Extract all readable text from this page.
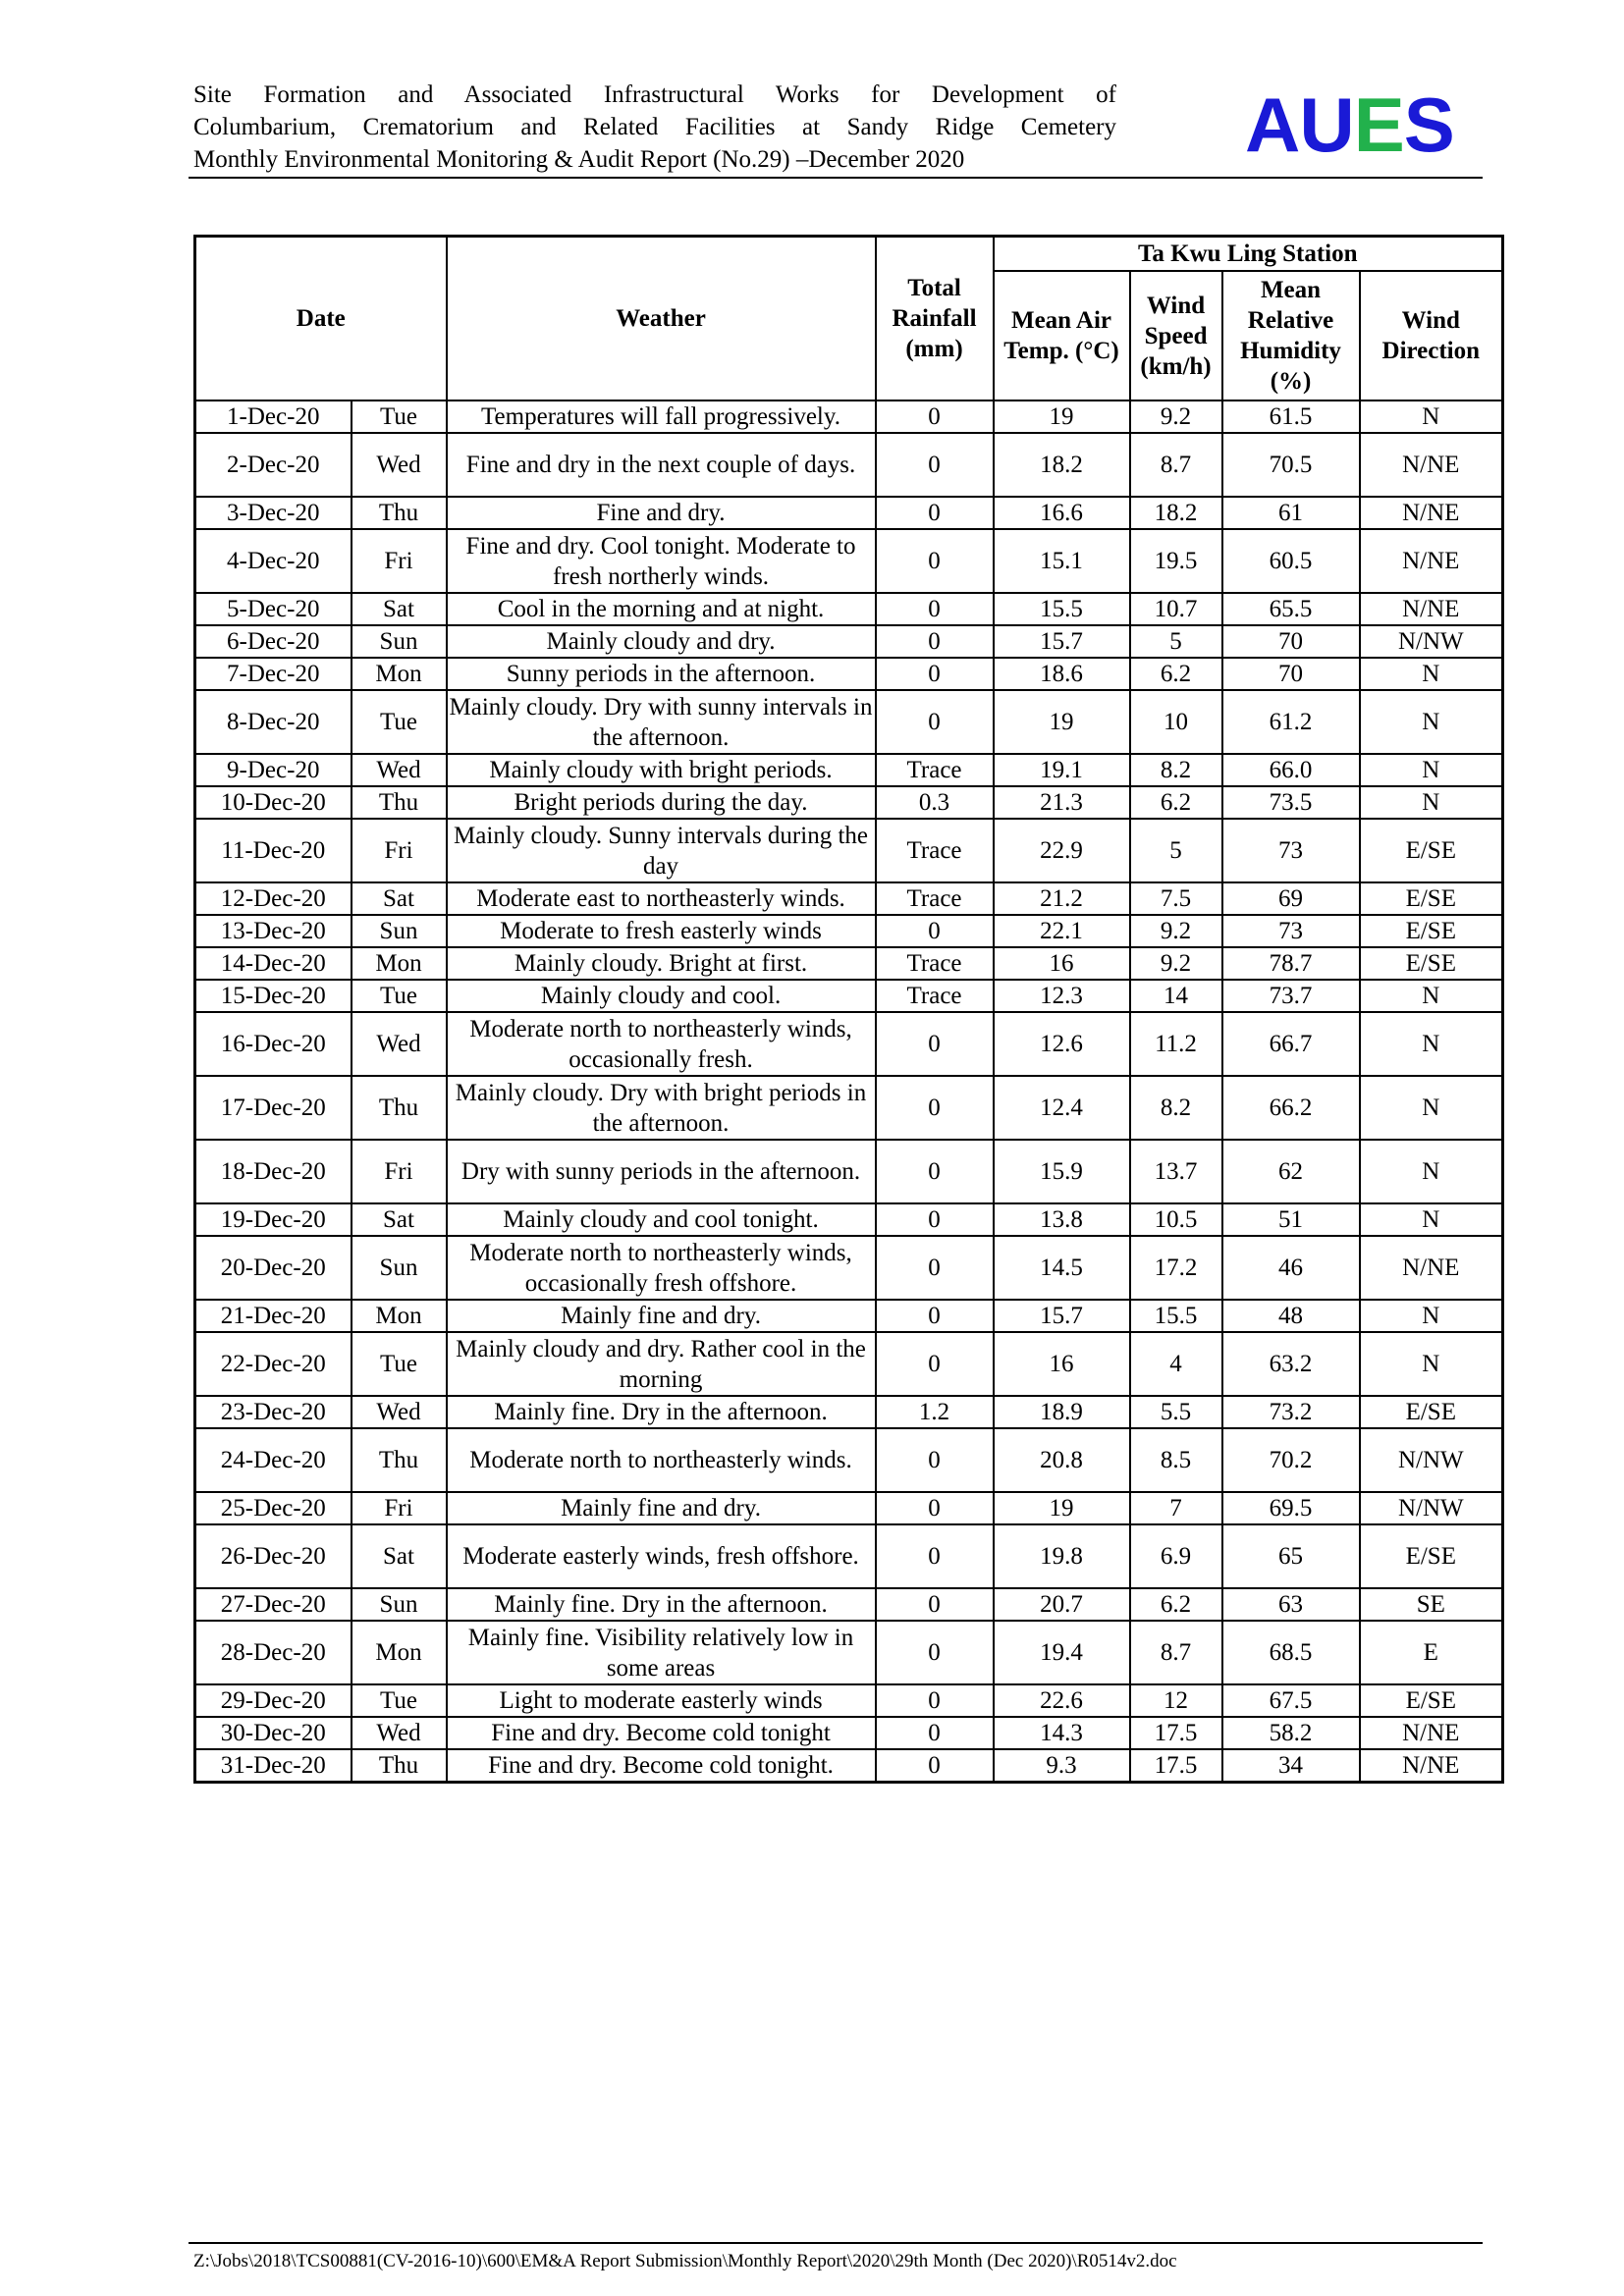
Site Formation and Associated Infrastructural Works for Development of
Columbarium, Crematorium and Related Facilities at Sandy Ridge Cemetery
Monthly Environmental Monitoring & Audit Report (No.29) –December 2020	AUES
Date		Weather	Total Rainfall (mm)	Ta Kwu Ling Station			
				Mean Air Temp. (°C)	Wind Speed (km/h)	Mean Relative Humidity (%)	Wind Direction
1-Dec-20	Tue	Temperatures will fall progressively.	0	19	9.2	61.5	N
2-Dec-20	Wed	Fine and dry in the next couple of days.	0	18.2	8.7	70.5	N/NE
3-Dec-20	Thu	Fine and dry.	0	16.6	18.2	61	N/NE
4-Dec-20	Fri	Fine and dry. Cool tonight. Moderate to fresh northerly winds.	0	15.1	19.5	60.5	N/NE
5-Dec-20	Sat	Cool in the morning and at night.	0	15.5	10.7	65.5	N/NE
6-Dec-20	Sun	Mainly cloudy and dry.	0	15.7	5	70	N/NW
7-Dec-20	Mon	Sunny periods in the afternoon.	0	18.6	6.2	70	N
8-Dec-20	Tue	Mainly cloudy. Dry with sunny intervals in the afternoon.	0	19	10	61.2	N
9-Dec-20	Wed	Mainly cloudy with bright periods.	Trace	19.1	8.2	66.0	N
10-Dec-20	Thu	Bright periods during the day.	0.3	21.3	6.2	73.5	N
11-Dec-20	Fri	Mainly cloudy. Sunny intervals during the day	Trace	22.9	5	73	E/SE
12-Dec-20	Sat	Moderate east to northeasterly winds.	Trace	21.2	7.5	69	E/SE
13-Dec-20	Sun	Moderate to fresh easterly winds	0	22.1	9.2	73	E/SE
14-Dec-20	Mon	Mainly cloudy. Bright at first.	Trace	16	9.2	78.7	E/SE
15-Dec-20	Tue	Mainly cloudy and cool.	Trace	12.3	14	73.7	N
16-Dec-20	Wed	Moderate north to northeasterly winds, occasionally fresh.	0	12.6	11.2	66.7	N
17-Dec-20	Thu	Mainly cloudy. Dry with bright periods in the afternoon.	0	12.4	8.2	66.2	N
18-Dec-20	Fri	Dry with sunny periods in the afternoon.	0	15.9	13.7	62	N
19-Dec-20	Sat	Mainly cloudy and cool tonight.	0	13.8	10.5	51	N
20-Dec-20	Sun	Moderate north to northeasterly winds, occasionally fresh offshore.	0	14.5	17.2	46	N/NE
21-Dec-20	Mon	Mainly fine and dry.	0	15.7	15.5	48	N
22-Dec-20	Tue	Mainly cloudy and dry. Rather cool in the morning	0	16	4	63.2	N
23-Dec-20	Wed	Mainly fine. Dry in the afternoon.	1.2	18.9	5.5	73.2	E/SE
24-Dec-20	Thu	Moderate north to northeasterly winds.	0	20.8	8.5	70.2	N/NW
25-Dec-20	Fri	Mainly fine and dry.	0	19	7	69.5	N/NW
26-Dec-20	Sat	Moderate easterly winds, fresh offshore.	0	19.8	6.9	65	E/SE
27-Dec-20	Sun	Mainly fine. Dry in the afternoon.	0	20.7	6.2	63	SE
28-Dec-20	Mon	Mainly fine. Visibility relatively low in some areas	0	19.4	8.7	68.5	E
29-Dec-20	Tue	Light to moderate easterly winds	0	22.6	12	67.5	E/SE
30-Dec-20	Wed	Fine and dry. Become cold tonight	0	14.3	17.5	58.2	N/NE
31-Dec-20	Thu	Fine and dry. Become cold tonight.	0	9.3	17.5	34	N/NE
Z:\Jobs\2018\TCS00881(CV-2016-10)\600\EM&A Report Submission\Monthly Report\2020\29th Month (Dec 2020)\R0514v2.doc
